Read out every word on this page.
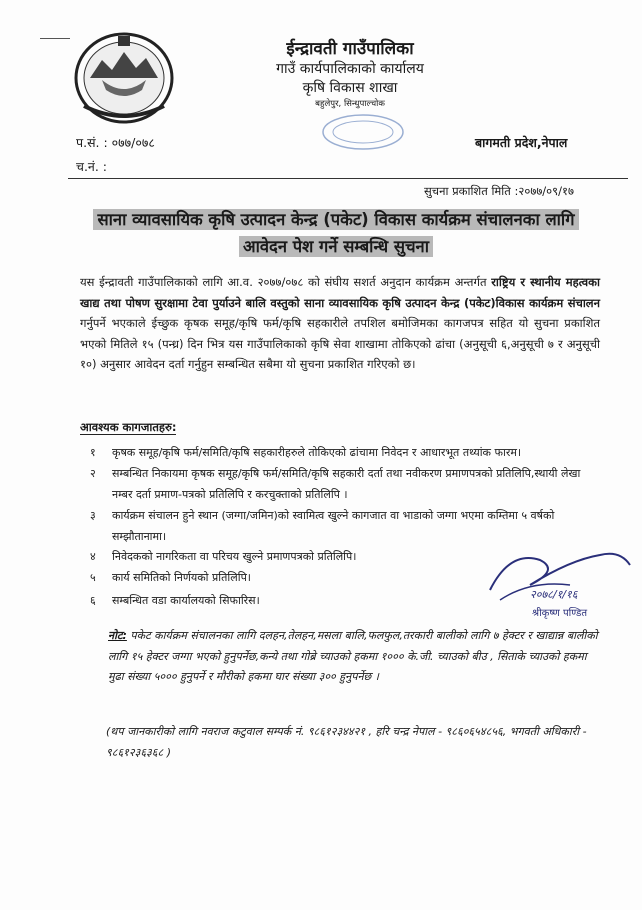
ईन्द्रावती गाउँपालिका
गाउँ कार्यपालिकाको कार्यालय
कृषि विकास शाखा
बहुलेपुर, सिन्धुपाल्चोक
प.सं. : ०७७/०७८
च.नं. :
बागमती प्रदेश,नेपाल
सुचना प्रकाशित मिति :२०७७/०९/१७
साना व्यावसायिक कृषि उत्पादन केन्द्र (पकेट) विकास कार्यक्रम संचालनका लागि
आवेदन पेश गर्ने सम्बन्धि सुचना
यस ईन्द्रावती गाउँपालिकाको लागि आ.व. २०७७/०७८ को संघीय सशर्त अनुदान कार्यक्रम अन्तर्गत राष्ट्रिय र स्थानीय महत्वका खाद्य तथा पोषण सुरक्षामा टेवा पुर्याउने बालि वस्तुको साना व्यावसायिक कृषि उत्पादन केन्द्र (पकेट)विकास कार्यक्रम संचालन गर्नुपर्ने भएकाले ईच्छुक कृषक समूह/कृषि फर्म/कृषि सहकारीले तपशिल बमोजिमका कागजपत्र सहित यो सुचना प्रकाशित भएको मितिले १५ (पन्ध्र) दिन भित्र यस गाउँपालिकाको कृषि सेवा शाखामा तोकिएको ढांचा (अनुसूची ६,अनुसूची ७ र अनुसूची १०) अनुसार आवेदन दर्ता गर्नुहुन सम्बन्धित सबैमा यो सुचना प्रकाशित गरिएको छ।
आवश्यक कागजातहरु:
१	कृषक समूह/कृषि फर्म/समिति/कृषि सहकारीहरुले तोकिएको ढांचामा निवेदन र आधारभूत तथ्यांक फारम।
२	सम्बन्धित निकायमा कृषक समूह/कृषि फर्म/समिति/कृषि सहकारी दर्ता तथा नवीकरण प्रमाणपत्रको प्रतिलिपि,स्थायी लेखा नम्बर दर्ता प्रमाण-पत्रको प्रतिलिपि र करचुक्ताको प्रतिलिपि ।
३	कार्यक्रम संचालन हुने स्थान (जग्गा/जमिन)को स्वामित्व खुल्ने कागजात वा भाडाको जग्गा भएमा कम्तिमा ५ वर्षको सम्झौतानामा।
४	निवेदकको नागरिकता वा परिचय खुल्ने प्रमाणपत्रको प्रतिलिपि।
५	कार्य समितिको निर्णयको प्रतिलिपि।
६	सम्बन्धित वडा कार्यालयको सिफारिस।
नोट: पकेट कार्यक्रम संचालनका लागि दलहन,तेलहन,मसला बालि,फलफुल,तरकारी बालीको लागि ७ हेक्टर र खाद्यान्न बालीको लागि १५ हेक्टर जग्गा भएको हुनुपर्नेछ,कन्ये तथा गोब्रे च्याउको हकमा १००० के.जी. च्याउको बीउ , सिताके च्याउको हकमा मुढा संख्या ५००० हुनुपर्ने र मौरीको हकमा घार संख्या ३०० हुनुपर्नेछ ।
(थप जानकारीको लागि नवराज कटुवाल सम्पर्क नं. ९८६१२३४४२१ , हरि चन्द्र नेपाल - ९८६०६५४८५६, भगवती अधिकारी - ९८६१२३६३६८ )
२०७८/१/१६
श्रीकृष्ण पण्डित
